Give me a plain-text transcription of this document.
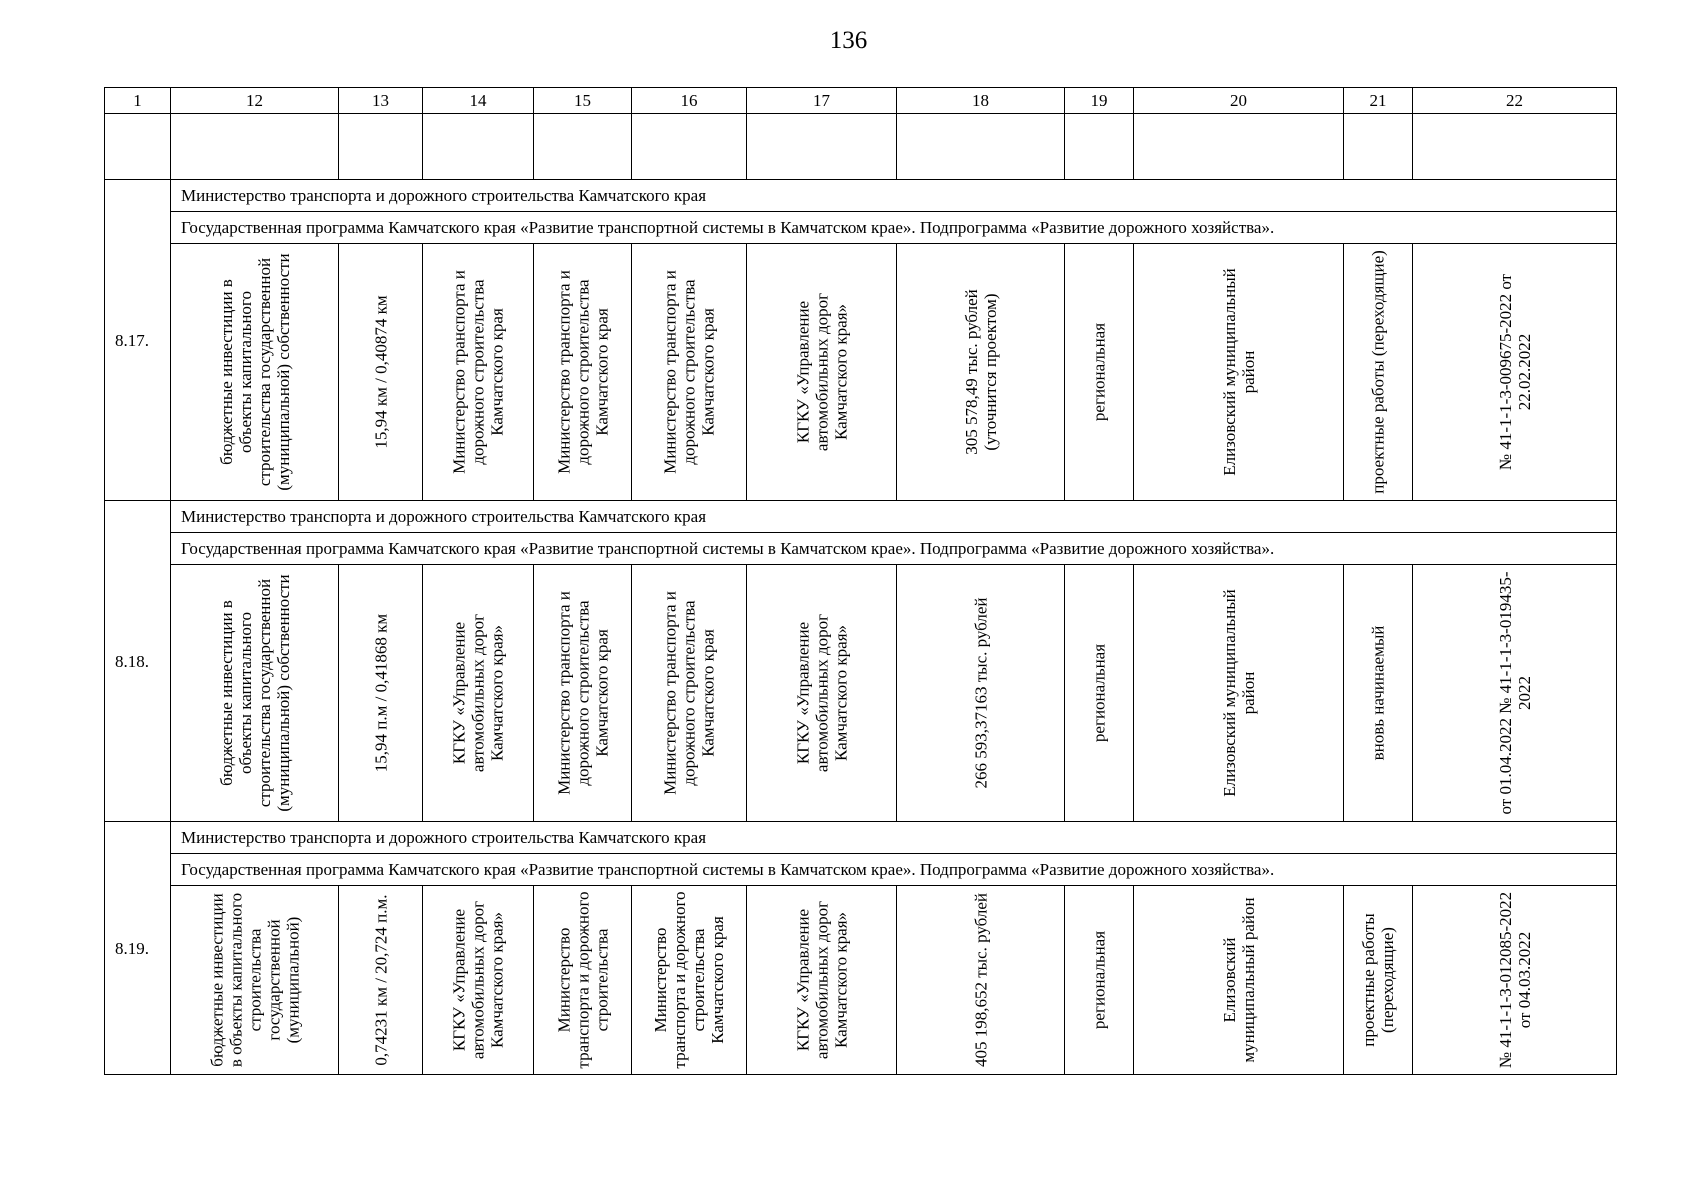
136
1	12	13	14	15	16	17	18	19	20	21	22

8.17.	Министерство транспорта и дорожного строительства Камчатского края										
	Государственная программа Камчатского края «Развитие транспортной системы в Камчатском крае». Подпрограмма «Развитие дорожного хозяйства».										

	бюджетные инвестиции в объекты капитального строительства государственной (муниципальной) собственности	15,94 км / 0,40874 км	Министерство транспорта и дорожного строительства Камчатского края	Министерство транспорта и дорожного строительства Камчатского края	Министерство транспорта и дорожного строительства Камчатского края	КГКУ «Управление автомобильных дорог Камчатского края»	305 578,49 тыс. рублей (уточнится проектом)	региональная	Елизовский муниципальный район	проектные работы (переходящие)	№ 41-1-1-3-009675-2022 от 22.02.2022

8.18.	Министерство транспорта и дорожного строительства Камчатского края										
	Государственная программа Камчатского края «Развитие транспортной системы в Камчатском крае». Подпрограмма «Развитие дорожного хозяйства».										

	бюджетные инвестиции в объекты капитального строительства государственной (муниципальной) собственности	15,94 п.м / 0,41868 км	КГКУ «Управление автомобильных дорог Камчатского края»	Министерство транспорта и дорожного строительства Камчатского края	Министерство транспорта и дорожного строительства Камчатского края	КГКУ «Управление автомобильных дорог Камчатского края»	266 593,37163 тыс. рублей	региональная	Елизовский муниципальный район	вновь начинаемый	от 01.04.2022 № 41-1-1-3-019435-2022

8.19.	Министерство транспорта и дорожного строительства Камчатского края										
	Государственная программа Камчатского края «Развитие транспортной системы в Камчатском крае». Подпрограмма «Развитие дорожного хозяйства».										

	бюджетные инвестиции в объекты капитального строительства государственной (муниципальной)	0,74231 км / 20,724 п.м.	КГКУ «Управление автомобильных дорог Камчатского края»	Министерство транспорта и дорожного строительства	Министерство транспорта и дорожного строительства Камчатского края	КГКУ «Управление автомобильных дорог Камчатского края»	405 198,652 тыс. рублей	региональная	Елизовский муниципальный район	проектные работы (переходящие)	№ 41-1-1-3-012085-2022 от 04.03.2022
